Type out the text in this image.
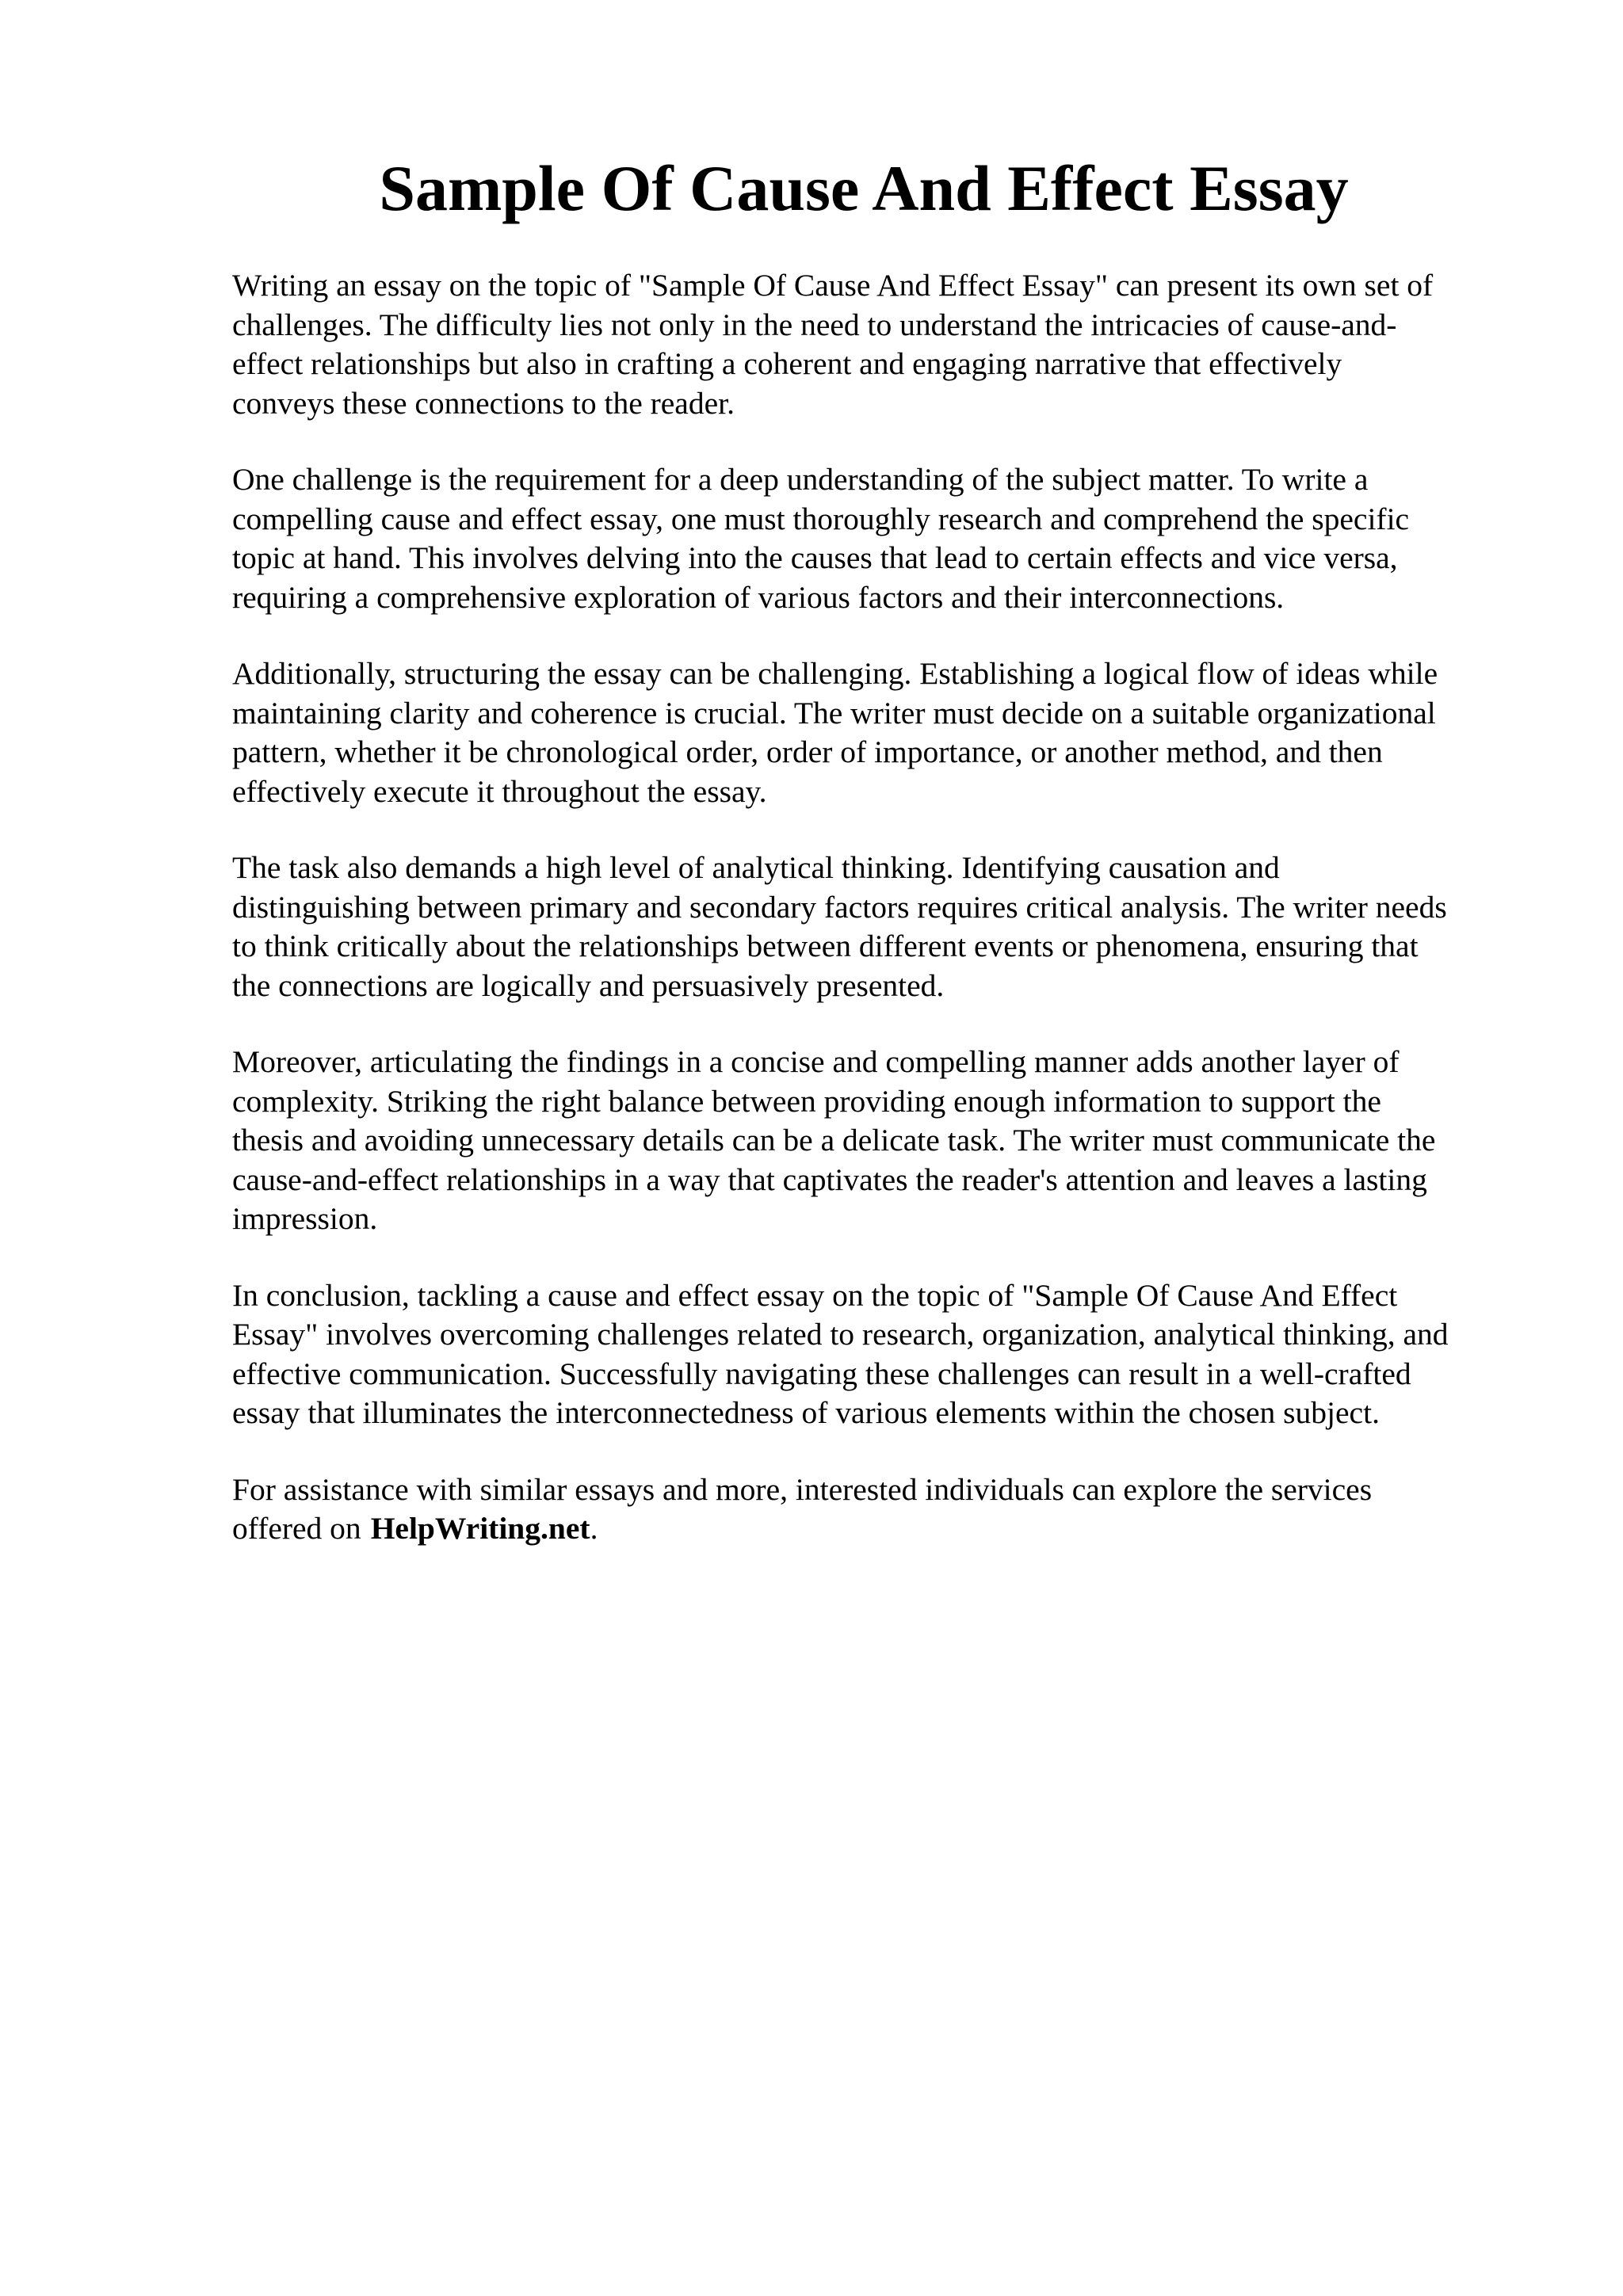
Sample Of Cause And Effect Essay

Writing an essay on the topic of "Sample Of Cause And Effect Essay" can present its own set of
challenges. The difficulty lies not only in the need to understand the intricacies of cause-and-
effect relationships but also in crafting a coherent and engaging narrative that effectively
conveys these connections to the reader.

One challenge is the requirement for a deep understanding of the subject matter. To write a
compelling cause and effect essay, one must thoroughly research and comprehend the specific
topic at hand. This involves delving into the causes that lead to certain effects and vice versa,
requiring a comprehensive exploration of various factors and their interconnections.

Additionally, structuring the essay can be challenging. Establishing a logical flow of ideas while
maintaining clarity and coherence is crucial. The writer must decide on a suitable organizational
pattern, whether it be chronological order, order of importance, or another method, and then
effectively execute it throughout the essay.

The task also demands a high level of analytical thinking. Identifying causation and
distinguishing between primary and secondary factors requires critical analysis. The writer needs
to think critically about the relationships between different events or phenomena, ensuring that
the connections are logically and persuasively presented.

Moreover, articulating the findings in a concise and compelling manner adds another layer of
complexity. Striking the right balance between providing enough information to support the
thesis and avoiding unnecessary details can be a delicate task. The writer must communicate the
cause-and-effect relationships in a way that captivates the reader's attention and leaves a lasting
impression.

In conclusion, tackling a cause and effect essay on the topic of "Sample Of Cause And Effect
Essay" involves overcoming challenges related to research, organization, analytical thinking, and
effective communication. Successfully navigating these challenges can result in a well-crafted
essay that illuminates the interconnectedness of various elements within the chosen subject.

For assistance with similar essays and more, interested individuals can explore the services
offered on HelpWriting.net.
